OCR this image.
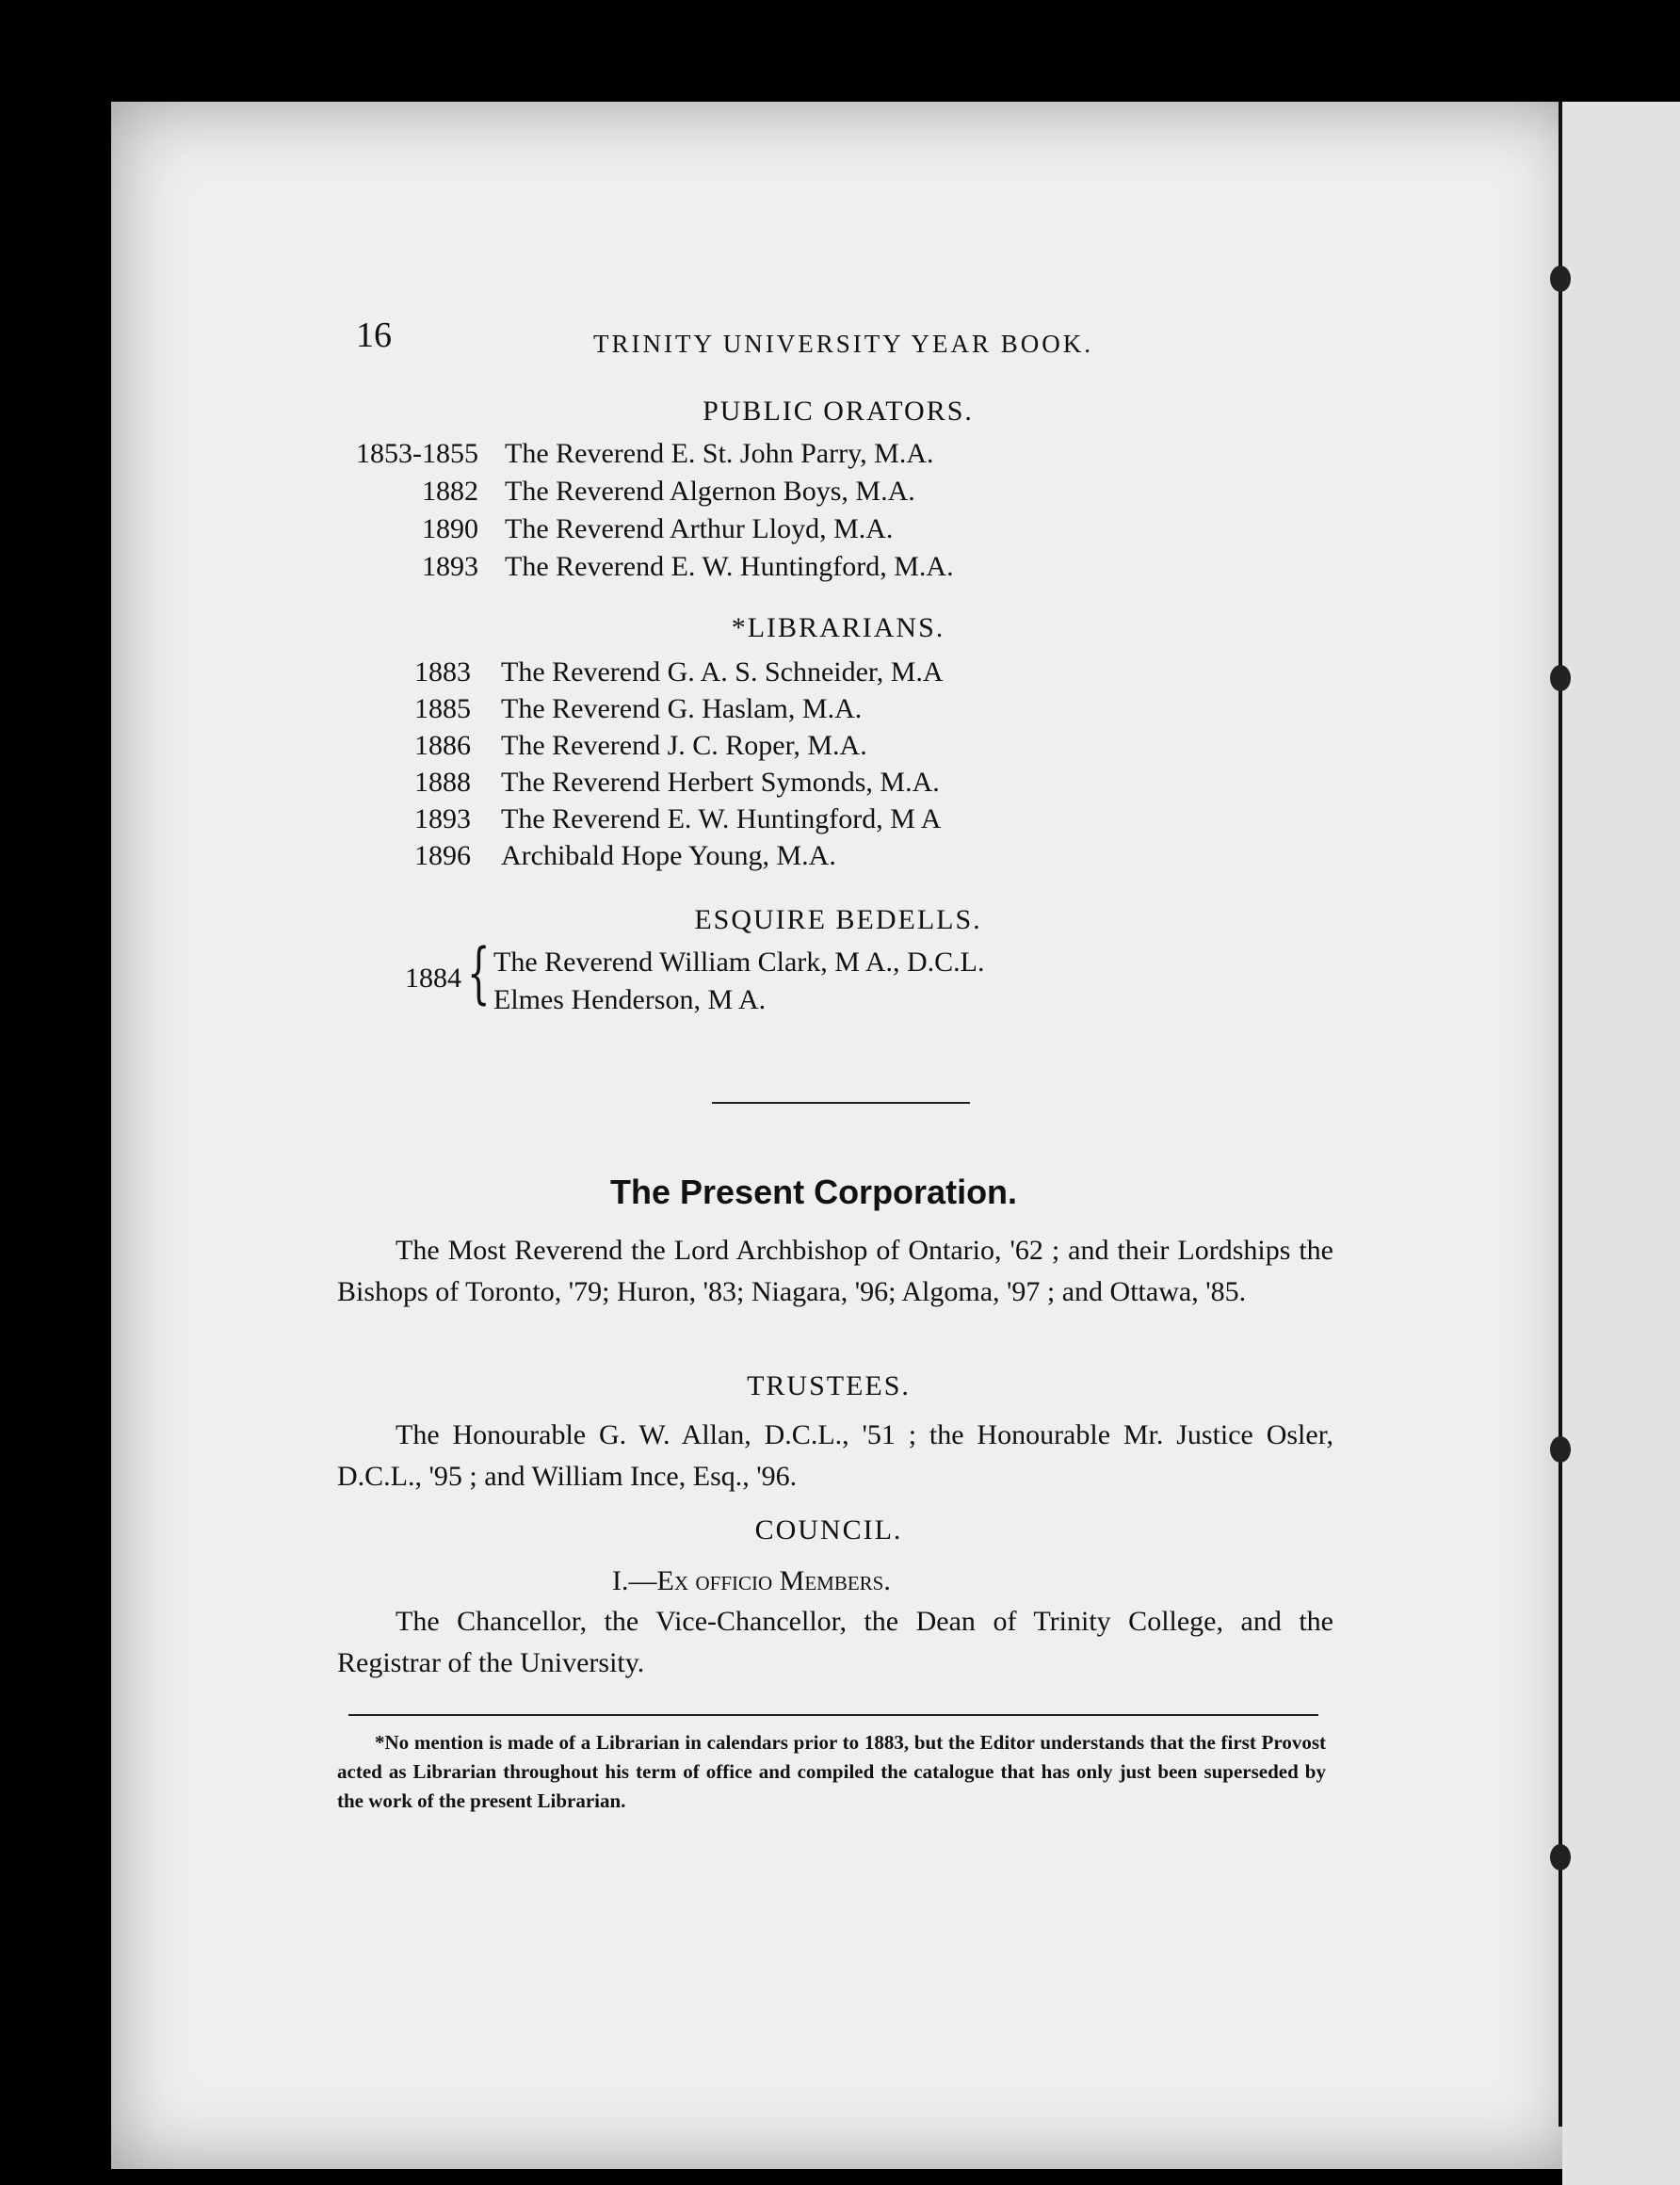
16	TRINITY UNIVERSITY YEAR BOOK.
PUBLIC ORATORS.
1853-1855 The Reverend E. St. John Parry, M.A.
1882 The Reverend Algernon Boys, M.A.
1890 The Reverend Arthur Lloyd, M.A.
1893 The Reverend E. W. Huntingford, M.A.
*LIBRARIANS.
1883 The Reverend G. A. S. Schneider, M.A
1885 The Reverend G. Haslam, M.A.
1886 The Reverend J. C. Roper, M.A.
1888 The Reverend Herbert Symonds, M.A.
1893 The Reverend E. W. Huntingford, M A
1896 Archibald Hope Young, M.A.
ESQUIRE BEDELLS.
1884 { The Reverend William Clark, M A., D.C.L.
Elmes Henderson, M A.
The Present Corporation.
The Most Reverend the Lord Archbishop of Ontario, '62 ; and their Lordships the Bishops of Toronto, '79; Huron, '83; Niagara, '96; Algoma, '97 ; and Ottawa, '85.
TRUSTEES.
The Honourable G. W. Allan, D.C.L., '51 ; the Honourable Mr. Justice Osler, D.C.L., '95 ; and William Ince, Esq., '96.
COUNCIL.
I.—Ex officio Members.
The Chancellor, the Vice-Chancellor, the Dean of Trinity College, and the Registrar of the University.
*No mention is made of a Librarian in calendars prior to 1883, but the Editor understands that the first Provost acted as Librarian throughout his term of office and compiled the catalogue that has only just been superseded by the work of the present Librarian.
